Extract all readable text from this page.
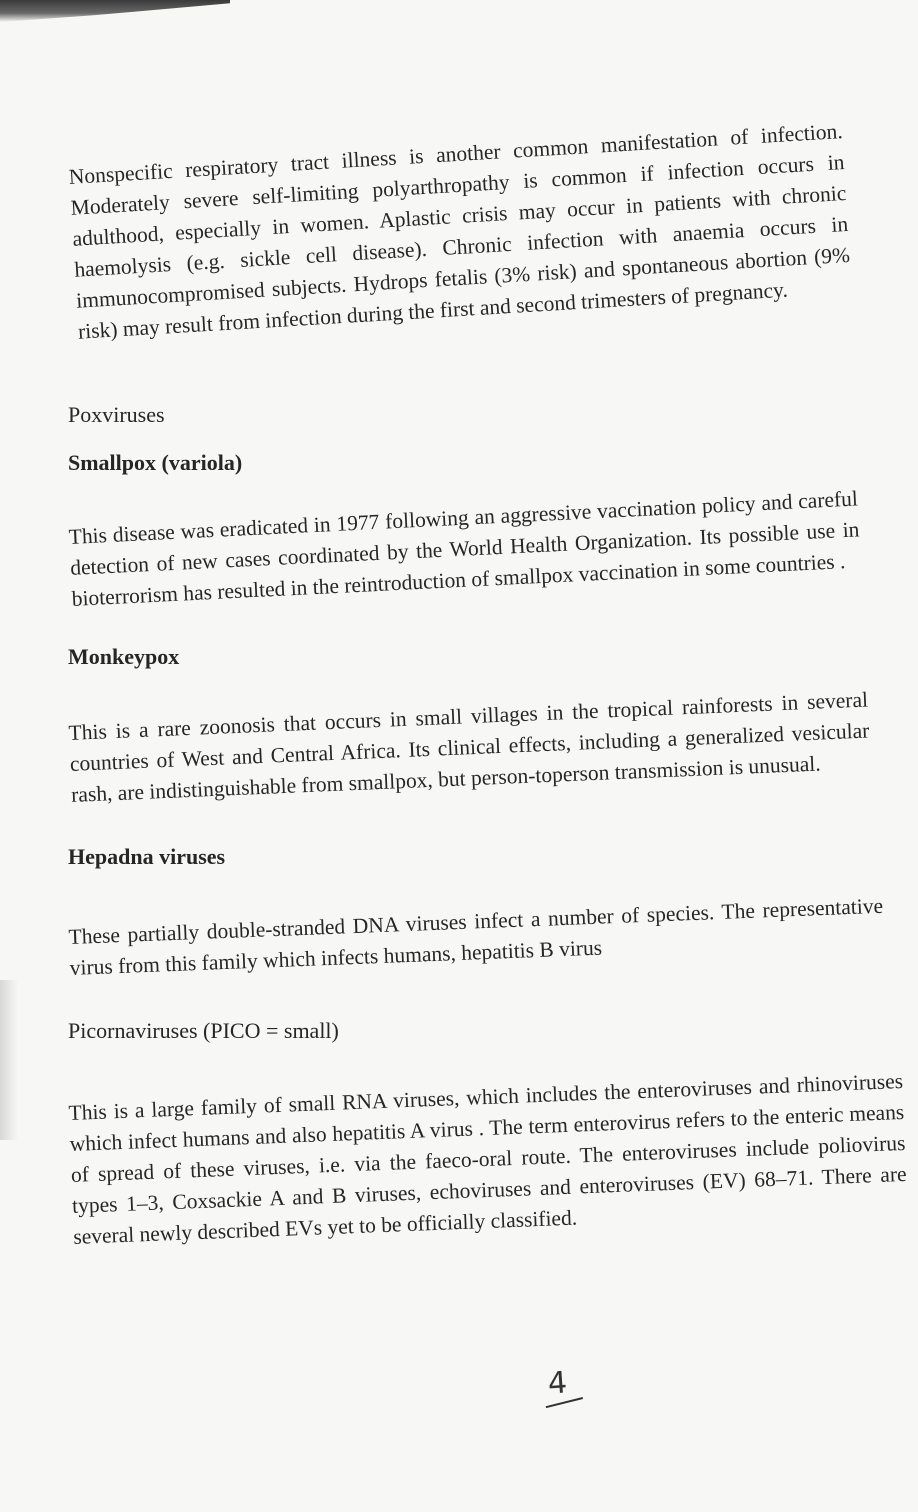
Nonspecific respiratory tract illness is another common manifestation of infection. Moderately severe self-limiting polyarthropathy is common if infection occurs in adulthood, especially in women. Aplastic crisis may occur in patients with chronic haemolysis (e.g. sickle cell disease). Chronic infection with anaemia occurs in immunocompromised subjects. Hydrops fetalis (3% risk) and spontaneous abortion (9% risk) may result from infection during the first and second trimesters of pregnancy.

Poxviruses
Smallpox (variola)

This disease was eradicated in 1977 following an aggressive vaccination policy and careful detection of new cases coordinated by the World Health Organization. Its possible use in bioterrorism has resulted in the reintroduction of smallpox vaccination in some countries .

Monkeypox

This is a rare zoonosis that occurs in small villages in the tropical rainforests in several countries of West and Central Africa. Its clinical effects, including a generalized vesicular rash, are indistinguishable from smallpox, but person-toperson transmission is unusual.

Hepadna viruses

These partially double-stranded DNA viruses infect a number of species. The representative virus from this family which infects humans, hepatitis B virus

Picornaviruses (PICO = small)

This is a large family of small RNA viruses, which includes the enteroviruses and rhinoviruses which infect humans and also hepatitis A virus . The term enterovirus refers to the enteric means of spread of these viruses, i.e. via the faeco-oral route. The enteroviruses include poliovirus types 1–3, Coxsackie A and B viruses, echoviruses and enteroviruses (EV) 68–71. There are several newly described EVs yet to be officially classified.

4
